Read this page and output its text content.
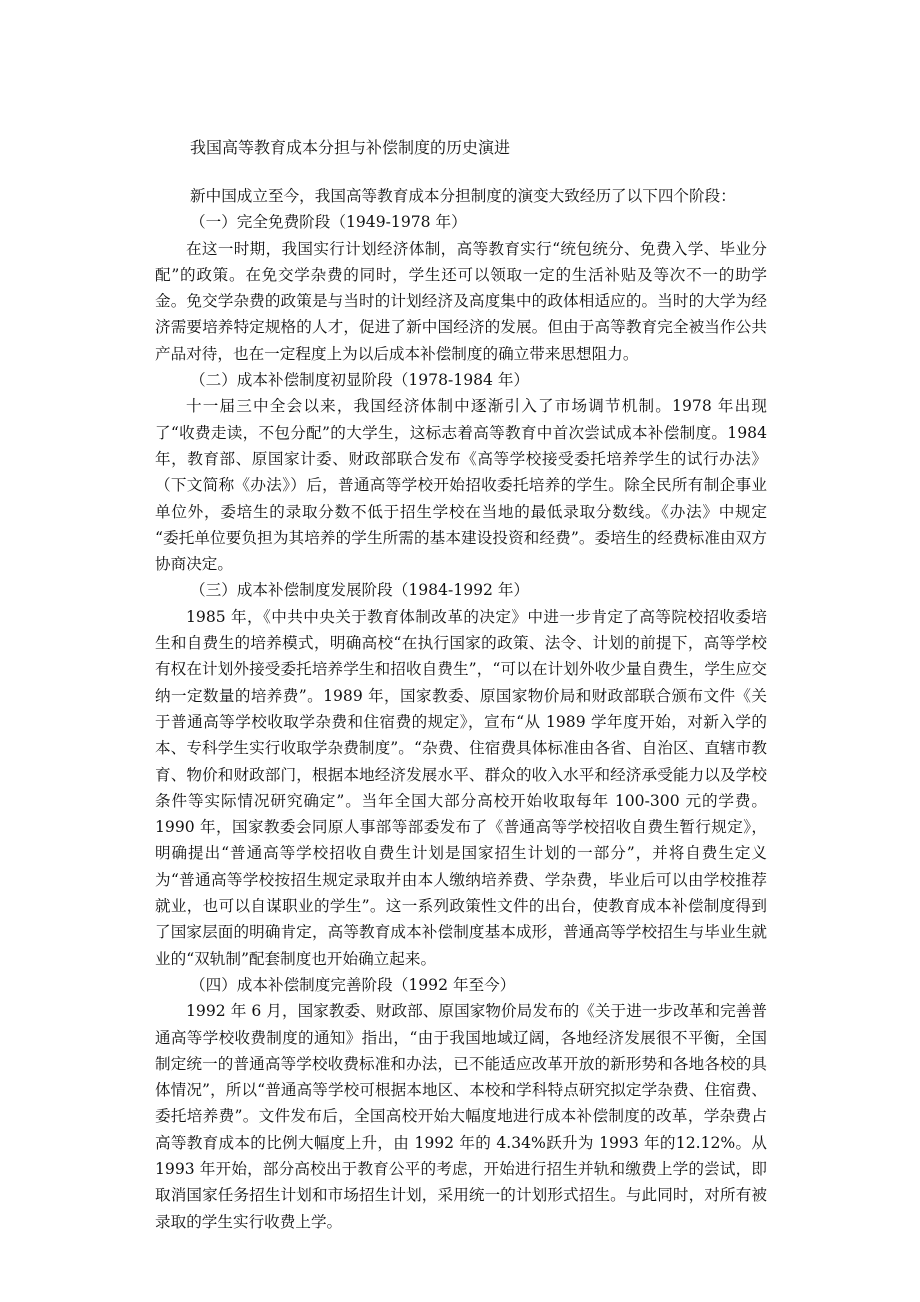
我国高等教育成本分担与补偿制度的历史演进

新中国成立至今，我国高等教育成本分担制度的演变大致经历了以下四个阶段：

（一）完全免费阶段（1949-1978 年）

在这一时期，我国实行计划经济体制，高等教育实行“统包统分、免费入学、毕业分配”的政策。在免交学杂费的同时，学生还可以领取一定的生活补贴及等次不一的助学金。免交学杂费的政策是与当时的计划经济及高度集中的政体相适应的。当时的大学为经济需要培养特定规格的人才，促进了新中国经济的发展。但由于高等教育完全被当作公共产品对待，也在一定程度上为以后成本补偿制度的确立带来思想阻力。

（二）成本补偿制度初显阶段（1978-1984 年）

十一届三中全会以来，我国经济体制中逐渐引入了市场调节机制。1978 年出现了“收费走读，不包分配”的大学生，这标志着高等教育中首次尝试成本补偿制度。1984 年，教育部、原国家计委、财政部联合发布《高等学校接受委托培养学生的试行办法》（下文简称《办法》）后，普通高等学校开始招收委托培养的学生。除全民所有制企事业单位外，委培生的录取分数不低于招生学校在当地的最低录取分数线。《办法》中规定 “委托单位要负担为其培养的学生所需的基本建设投资和经费”。委培生的经费标准由双方协商决定。

（三）成本补偿制度发展阶段（1984-1992 年）

1985 年，《中共中央关于教育体制改革的决定》中进一步肯定了高等院校招收委培生和自费生的培养模式，明确高校“在执行国家的政策、法令、计划的前提下，高等学校有权在计划外接受委托培养学生和招收自费生”，“可以在计划外收少量自费生，学生应交纳一定数量的培养费”。1989 年，国家教委、原国家物价局和财政部联合颁布文件《关于普通高等学校收取学杂费和住宿费的规定》，宣布“从 1989 学年度开始，对新入学的本、专科学生实行收取学杂费制度”。“杂费、住宿费具体标准由各省、自治区、直辖市教育、物价和财政部门，根据本地经济发展水平、群众的收入水平和经济承受能力以及学校条件等实际情况研究确定”。当年全国大部分高校开始收取每年 100-300 元的学费。1990 年，国家教委会同原人事部等部委发布了《普通高等学校招收自费生暂行规定》，明确提出“普通高等学校招收自费生计划是国家招生计划的一部分”，并将自费生定义为“普通高等学校按招生规定录取并由本人缴纳培养费、学杂费，毕业后可以由学校推荐就业，也可以自谋职业的学生”。这一系列政策性文件的出台，使教育成本补偿制度得到了国家层面的明确肯定，高等教育成本补偿制度基本成形，普通高等学校招生与毕业生就业的“双轨制”配套制度也开始确立起来。

（四）成本补偿制度完善阶段（1992 年至今）

1992 年 6 月，国家教委、财政部、原国家物价局发布的《关于进一步改革和完善普通高等学校收费制度的通知》指出，“由于我国地域辽阔，各地经济发展很不平衡，全国制定统一的普通高等学校收费标准和办法，已不能适应改革开放的新形势和各地各校的具体情况”，所以“普通高等学校可根据本地区、本校和学科特点研究拟定学杂费、住宿费、委托培养费”。文件发布后，全国高校开始大幅度地进行成本补偿制度的改革，学杂费占高等教育成本的比例大幅度上升，由 1992 年的 4.34%跃升为 1993 年的12.12%。从 1993 年开始，部分高校出于教育公平的考虑，开始进行招生并轨和缴费上学的尝试，即取消国家任务招生计划和市场招生计划，采用统一的计划形式招生。与此同时，对所有被录取的学生实行收费上学。
